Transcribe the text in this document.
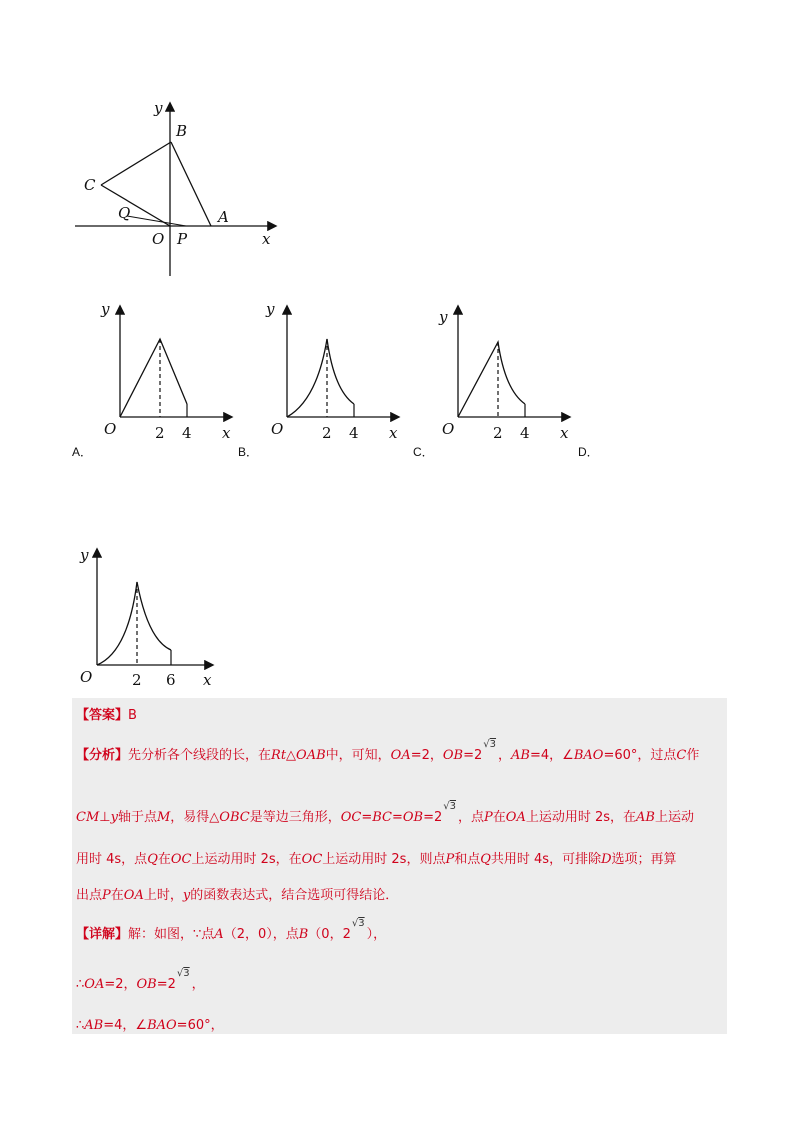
y
B
C
Q
O P
A
x
y
O	2 4 x
A．
y
O	2 4 x
B．
y
O	2 4 x
C．	D．
y
O	2 6 x
【答案】B
【分析】先分析各个线段的长，在Rt△OAB中，可知，OA=2，$OB=2^{√3}$，AB=4，∠BAO=60°，过点C作
CM⊥y轴于点M，易得△OBC是等边三角形，$OC=BC=OB=2^{√3}$，点P在OA上运动用时 2s，在AB上运动
用时 4s，点Q在OC上运动用时 2s，在OC上运动用时 2s，则点P和点Q共用时 4s，可排除D选项；再算
出点P在OA上时，y的函数表达式，结合选项可得结论．
【详解】解：如图，∵点A（2，0），点B（0，$2^{√3}$），
∴OA=2，$OB=2^{√3}$，
∴AB=4，∠BAO=60°，
